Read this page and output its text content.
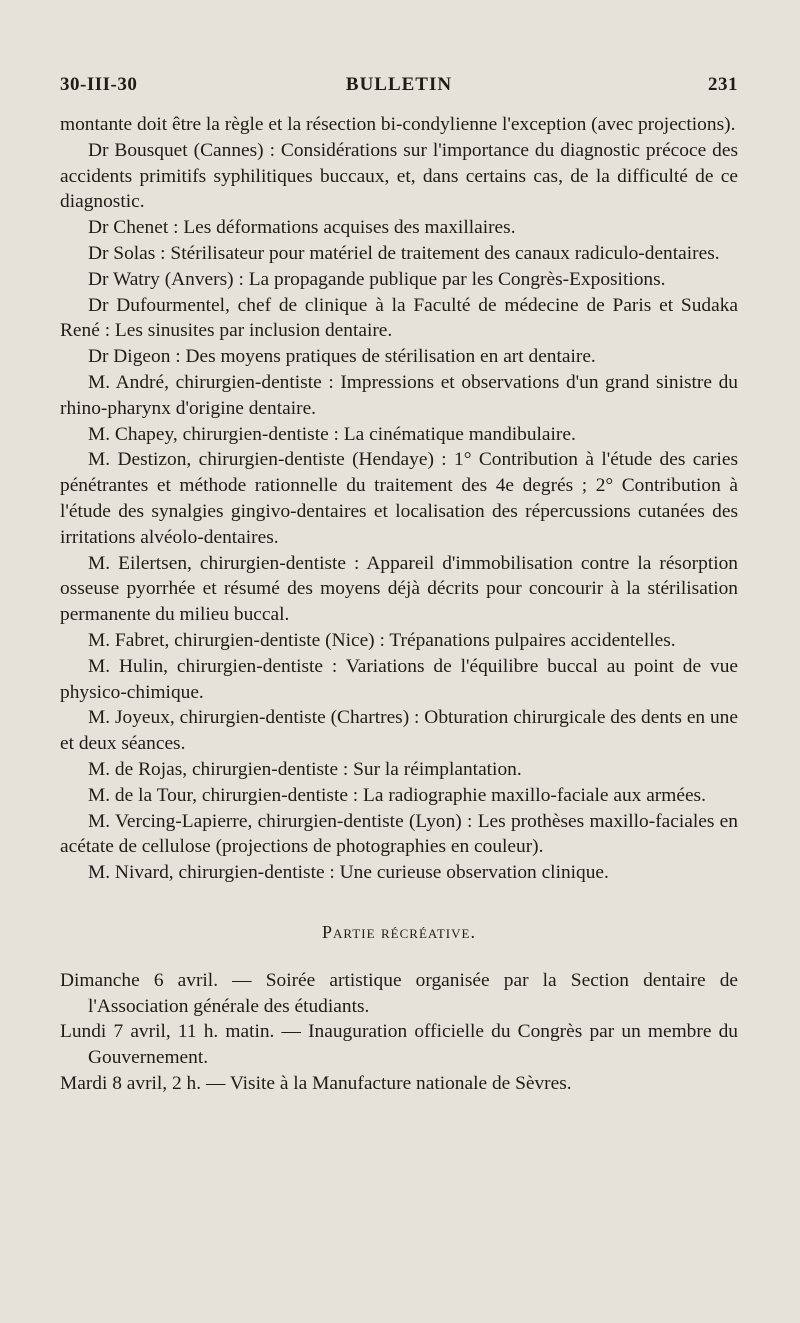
30-III-30	BULLETIN	231

montante doit être la règle et la résection bi-condylienne l'exception (avec projections).

Dr Bousquet (Cannes) : Considérations sur l'importance du diagnostic précoce des accidents primitifs syphilitiques buccaux, et, dans certains cas, de la difficulté de ce diagnostic.

Dr Chenet : Les déformations acquises des maxillaires.

Dr Solas : Stérilisateur pour matériel de traitement des canaux radiculo-dentaires.

Dr Watry (Anvers) : La propagande publique par les Congrès-Expositions.

Dr Dufourmentel, chef de clinique à la Faculté de médecine de Paris et Sudaka René : Les sinusites par inclusion dentaire.

Dr Digeon : Des moyens pratiques de stérilisation en art dentaire.

M. André, chirurgien-dentiste : Impressions et observations d'un grand sinistre du rhino-pharynx d'origine dentaire.

M. Chapey, chirurgien-dentiste : La cinématique mandibulaire.

M. Destizon, chirurgien-dentiste (Hendaye) : 1° Contribution à l'étude des caries pénétrantes et méthode rationnelle du traitement des 4e degrés ; 2° Contribution à l'étude des synalgies gingivo-dentaires et localisation des répercussions cutanées des irritations alvéolo-dentaires.

M. Eilertsen, chirurgien-dentiste : Appareil d'immobilisation contre la résorption osseuse pyorrhée et résumé des moyens déjà décrits pour concourir à la stérilisation permanente du milieu buccal.

M. Fabret, chirurgien-dentiste (Nice) : Trépanations pulpaires accidentelles.

M. Hulin, chirurgien-dentiste : Variations de l'équilibre buccal au point de vue physico-chimique.

M. Joyeux, chirurgien-dentiste (Chartres) : Obturation chirurgicale des dents en une et deux séances.

M. de Rojas, chirurgien-dentiste : Sur la réimplantation.

M. de la Tour, chirurgien-dentiste : La radiographie maxillo-faciale aux armées.

M. Vercing-Lapierre, chirurgien-dentiste (Lyon) : Les prothèses maxillo-faciales en acétate de cellulose (projections de photographies en couleur).

M. Nivard, chirurgien-dentiste : Une curieuse observation clinique.

Partie récréative.

Dimanche 6 avril. — Soirée artistique organisée par la Section dentaire de l'Association générale des étudiants.

Lundi 7 avril, 11 h. matin. — Inauguration officielle du Congrès par un membre du Gouvernement.

Mardi 8 avril, 2 h. — Visite à la Manufacture nationale de Sèvres.
